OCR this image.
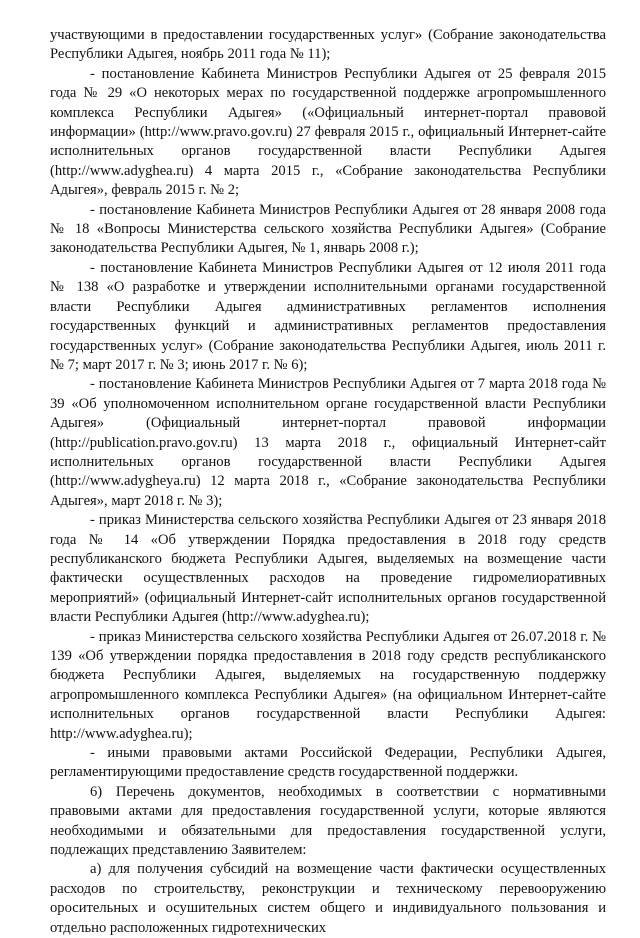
участвующими в предоставлении государственных услуг» (Собрание законодательства Республики Адыгея, ноябрь 2011 года № 11);

- постановление Кабинета Министров Республики Адыгея от 25 февраля 2015 года № 29 «О некоторых мерах по государственной поддержке агропромышленного комплекса Республики Адыгея» («Официальный интернет-портал правовой информации» (http://www.pravo.gov.ru) 27 февраля 2015 г., официальный Интернет-сайте исполнительных органов государственной власти Республики Адыгея (http://www.adyghea.ru) 4 марта 2015 г., «Собрание законодательства Республики Адыгея», февраль 2015 г. № 2;

- постановление Кабинета Министров Республики Адыгея от 28 января 2008 года № 18 «Вопросы Министерства сельского хозяйства Республики Адыгея» (Собрание законодательства Республики Адыгея, № 1, январь 2008 г.);

- постановление Кабинета Министров Республики Адыгея от 12 июля 2011 года № 138 «О разработке и утверждении исполнительными органами государственной власти Республики Адыгея административных регламентов исполнения государственных функций и административных регламентов предоставления государственных услуг» (Собрание законодательства Республики Адыгея, июль 2011 г. № 7; март 2017 г. № 3; июнь 2017 г. № 6);

- постановление Кабинета Министров Республики Адыгея от 7 марта 2018 года № 39 «Об уполномоченном исполнительном органе государственной власти Республики Адыгея» (Официальный интернет-портал правовой информации (http://publication.pravo.gov.ru) 13 марта 2018 г., официальный Интернет-сайт исполнительных органов государственной власти Республики Адыгея (http://www.adygheya.ru) 12 марта 2018 г., «Собрание законодательства Республики Адыгея», март 2018 г. № 3);

- приказ Министерства сельского хозяйства Республики Адыгея от 23 января 2018 года № 14 «Об утверждении Порядка предоставления в 2018 году средств республиканского бюджета Республики Адыгея, выделяемых на возмещение части фактически осуществленных расходов на проведение гидромелиоративных мероприятий» (официальный Интернет-сайт исполнительных органов государственной власти Республики Адыгея (http://www.adyghea.ru);

- приказ Министерства сельского хозяйства Республики Адыгея от 26.07.2018 г. № 139 «Об утверждении порядка предоставления в 2018 году средств республиканского бюджета Республики Адыгея, выделяемых на государственную поддержку агропромышленного комплекса Республики Адыгея» (на официальном Интернет-сайте исполнительных органов государственной власти Республики Адыгея: http://www.adyghea.ru);

- иными правовыми актами Российской Федерации, Республики Адыгея, регламентирующими предоставление средств государственной поддержки.

6) Перечень документов, необходимых в соответствии с нормативными правовыми актами для предоставления государственной услуги, которые являются необходимыми и обязательными для предоставления государственной услуги, подлежащих представлению Заявителем:

а) для получения субсидий на возмещение части фактически осуществленных расходов по строительству, реконструкции и техническому перевооружению оросительных и осушительных систем общего и индивидуального пользования и отдельно расположенных гидротехнических
